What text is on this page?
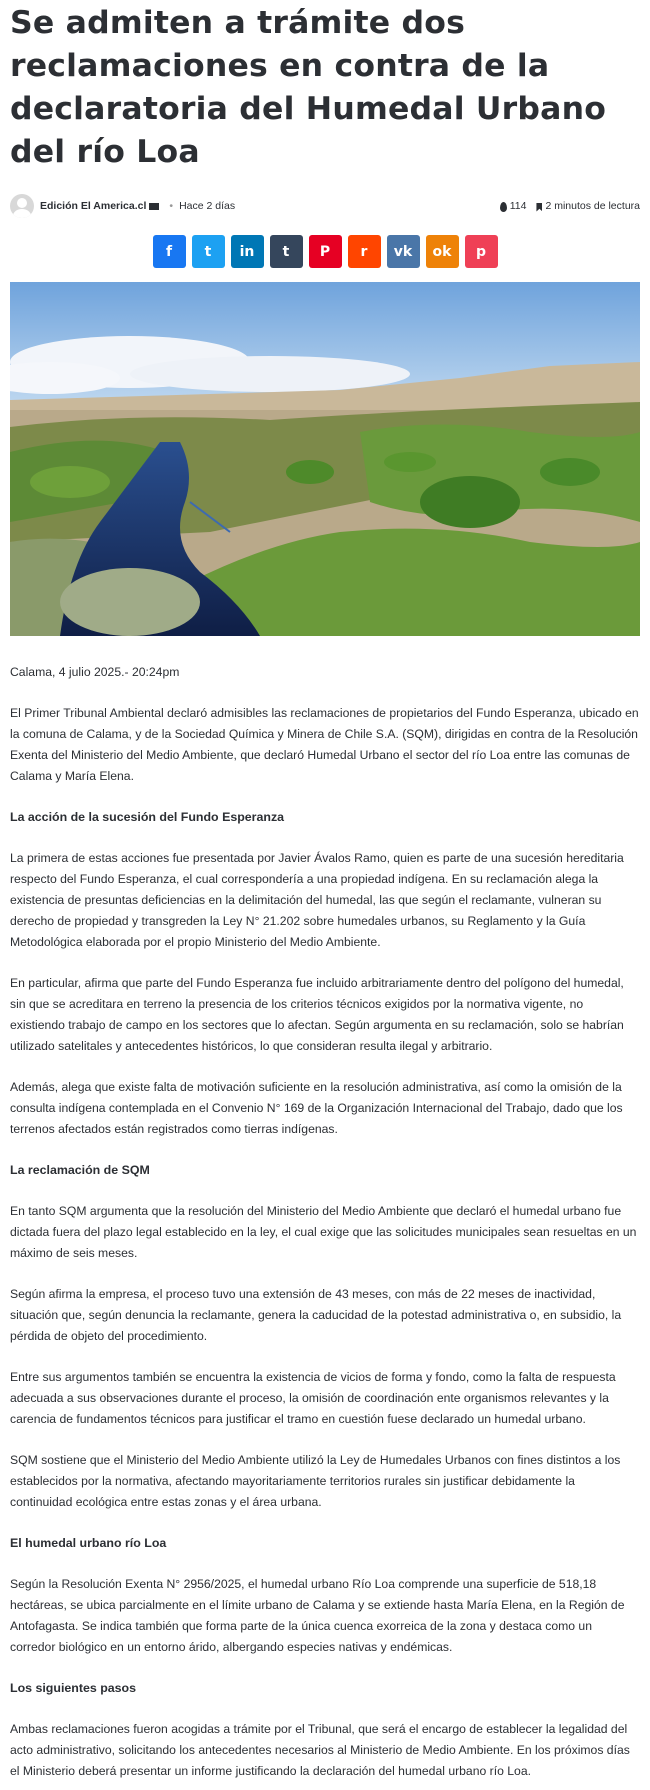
Se admiten a trámite dos reclamaciones en contra de la declaratoria del Humedal Urbano del río Loa
Edición El America.cl • Hace 2 días	114 2 minutos de lectura
f t in t P r vk ok p

Calama, 4 julio 2025.- 20:24pm

El Primer Tribunal Ambiental declaró admisibles las reclamaciones de propietarios del Fundo Esperanza, ubicado en la comuna de Calama, y de la Sociedad Química y Minera de Chile S.A. (SQM), dirigidas en contra de la Resolución Exenta del Ministerio del Medio Ambiente, que declaró Humedal Urbano el sector del río Loa entre las comunas de Calama y María Elena.

La acción de la sucesión del Fundo Esperanza

La primera de estas acciones fue presentada por Javier Ávalos Ramo, quien es parte de una sucesión hereditaria respecto del Fundo Esperanza, el cual correspondería a una propiedad indígena. En su reclamación alega la existencia de presuntas deficiencias en la delimitación del humedal, las que según el reclamante, vulneran su derecho de propiedad y transgreden la Ley N° 21.202 sobre humedales urbanos, su Reglamento y la Guía Metodológica elaborada por el propio Ministerio del Medio Ambiente.

En particular, afirma que parte del Fundo Esperanza fue incluido arbitrariamente dentro del polígono del humedal, sin que se acreditara en terreno la presencia de los criterios técnicos exigidos por la normativa vigente, no existiendo trabajo de campo en los sectores que lo afectan. Según argumenta en su reclamación, solo se habrían utilizado satelitales y antecedentes históricos, lo que consideran resulta ilegal y arbitrario.

Además, alega que existe falta de motivación suficiente en la resolución administrativa, así como la omisión de la consulta indígena contemplada en el Convenio N° 169 de la Organización Internacional del Trabajo, dado que los terrenos afectados están registrados como tierras indígenas.

La reclamación de SQM

En tanto SQM argumenta que la resolución del Ministerio del Medio Ambiente que declaró el humedal urbano fue dictada fuera del plazo legal establecido en la ley, el cual exige que las solicitudes municipales sean resueltas en un máximo de seis meses.

Según afirma la empresa, el proceso tuvo una extensión de 43 meses, con más de 22 meses de inactividad, situación que, según denuncia la reclamante, genera la caducidad de la potestad administrativa o, en subsidio, la pérdida de objeto del procedimiento.

Entre sus argumentos también se encuentra la existencia de vicios de forma y fondo, como la falta de respuesta adecuada a sus observaciones durante el proceso, la omisión de coordinación ente organismos relevantes y la carencia de fundamentos técnicos para justificar el tramo en cuestión fuese declarado un humedal urbano.

SQM sostiene que el Ministerio del Medio Ambiente utilizó la Ley de Humedales Urbanos con fines distintos a los establecidos por la normativa, afectando mayoritariamente territorios rurales sin justificar debidamente la continuidad ecológica entre estas zonas y el área urbana.

El humedal urbano río Loa

Según la Resolución Exenta N° 2956/2025, el humedal urbano Río Loa comprende una superficie de 518,18 hectáreas, se ubica parcialmente en el límite urbano de Calama y se extiende hasta María Elena, en la Región de Antofagasta. Se indica también que forma parte de la única cuenca exorreica de la zona y destaca como un corredor biológico en un entorno árido, albergando especies nativas y endémicas.

Los siguientes pasos

Ambas reclamaciones fueron acogidas a trámite por el Tribunal, que será el encargo de establecer la legalidad del acto administrativo, solicitando los antecedentes necesarios al Ministerio de Medio Ambiente. En los próximos días el Ministerio deberá presentar un informe justificando la declaración del humedal urbano río Loa.
